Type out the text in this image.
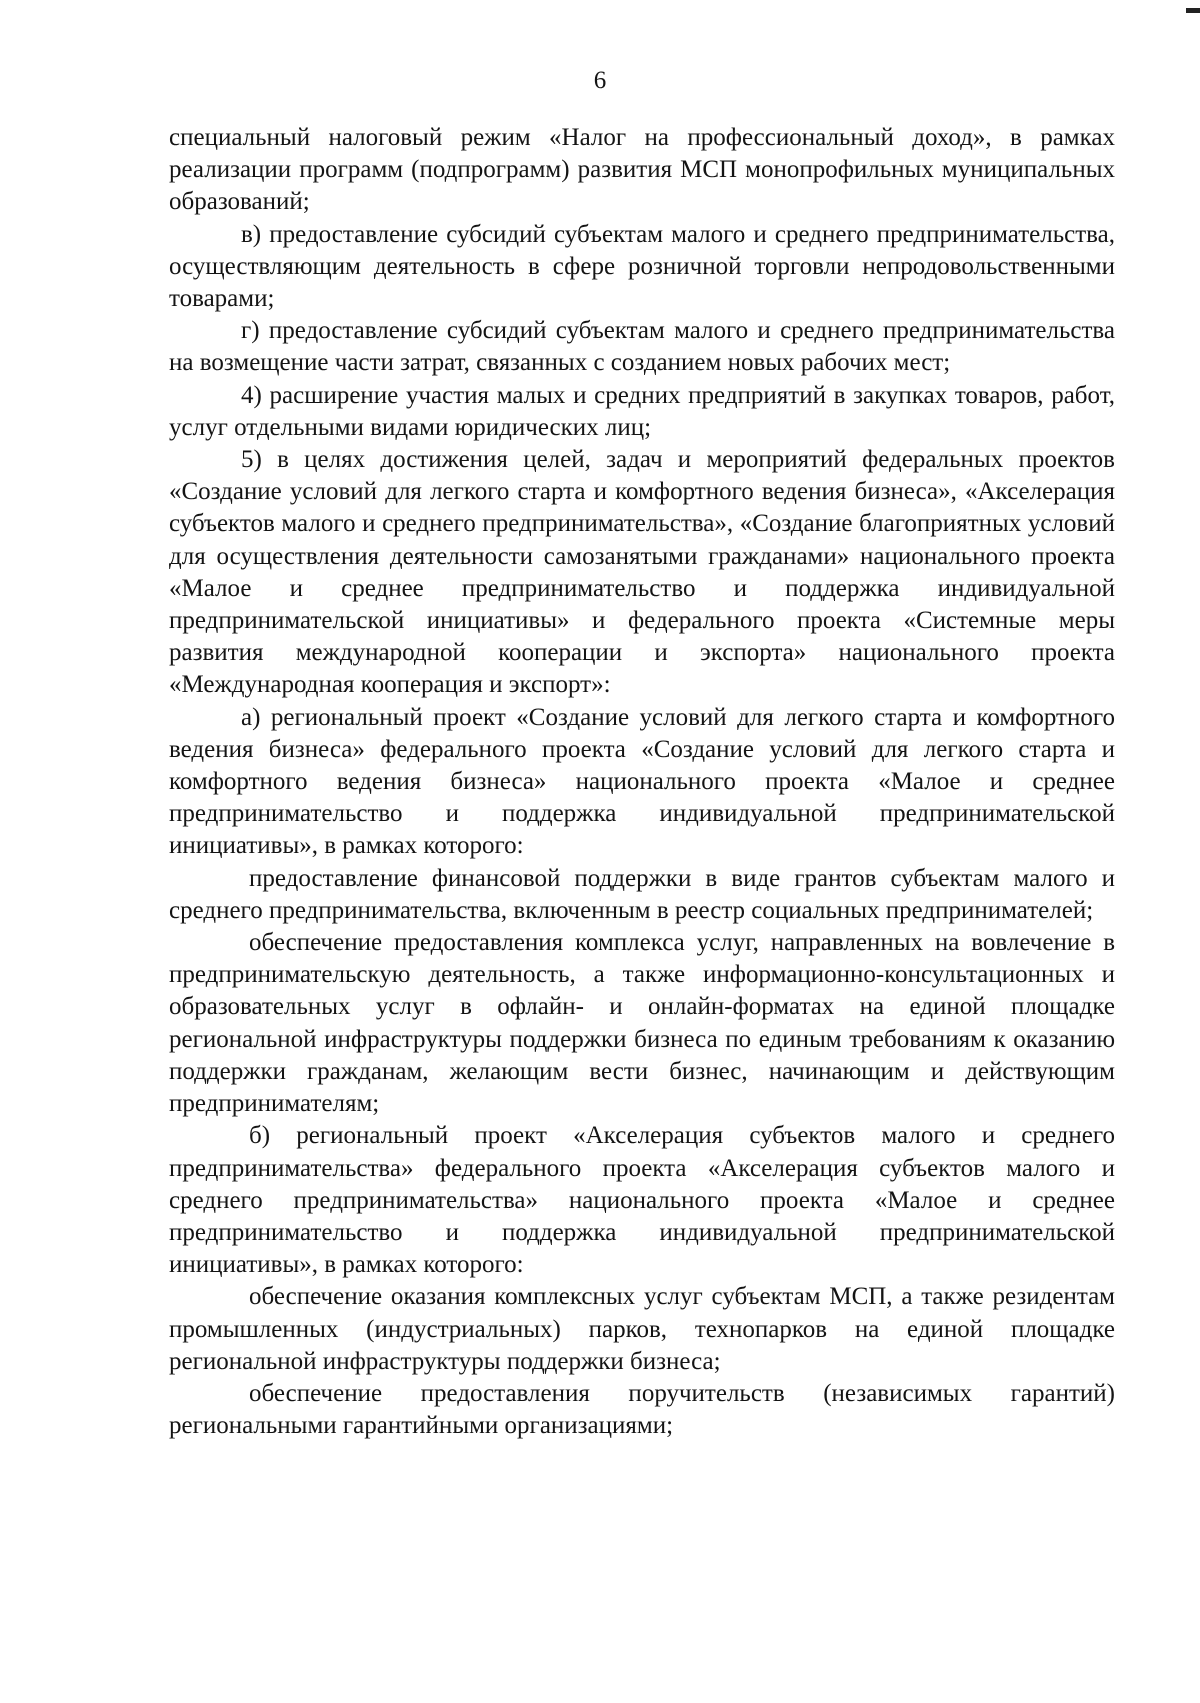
6

специальный налоговый режим «Налог на профессиональный доход», в рамках реализации программ (подпрограмм) развития МСП монопрофильных муниципальных образований;

в) предоставление субсидий субъектам малого и среднего предпринимательства, осуществляющим деятельность в сфере розничной торговли непродовольственными товарами;

г) предоставление субсидий субъектам малого и среднего предпринимательства на возмещение части затрат, связанных с созданием новых рабочих мест;

4) расширение участия малых и средних предприятий в закупках товаров, работ, услуг отдельными видами юридических лиц;

5) в целях достижения целей, задач и мероприятий федеральных проектов «Создание условий для легкого старта и комфортного ведения бизнеса», «Акселерация субъектов малого и среднего предпринимательства», «Создание благоприятных условий для осуществления деятельности самозанятыми гражданами» национального проекта «Малое и среднее предпринимательство и поддержка индивидуальной предпринимательской инициативы» и федерального проекта «Системные меры развития международной кооперации и экспорта» национального проекта «Международная кооперация и экспорт»:

а) региональный проект «Создание условий для легкого старта и комфортного ведения бизнеса» федерального проекта «Создание условий для легкого старта и комфортного ведения бизнеса» национального проекта «Малое и среднее предпринимательство и поддержка индивидуальной предпринимательской инициативы», в рамках которого:

предоставление финансовой поддержки в виде грантов субъектам малого и среднего предпринимательства, включенным в реестр социальных предпринимателей;

обеспечение предоставления комплекса услуг, направленных на вовлечение в предпринимательскую деятельность, а также информационно-консультационных и образовательных услуг в офлайн- и онлайн-форматах на единой площадке региональной инфраструктуры поддержки бизнеса по единым требованиям к оказанию поддержки гражданам, желающим вести бизнес, начинающим и действующим предпринимателям;

б) региональный проект «Акселерация субъектов малого и среднего предпринимательства» федерального проекта «Акселерация субъектов малого и среднего предпринимательства» национального проекта «Малое и среднее предпринимательство и поддержка индивидуальной предпринимательской инициативы», в рамках которого:

обеспечение оказания комплексных услуг субъектам МСП, а также резидентам промышленных (индустриальных) парков, технопарков на единой площадке региональной инфраструктуры поддержки бизнеса;

обеспечение предоставления поручительств (независимых гарантий) региональными гарантийными организациями;
